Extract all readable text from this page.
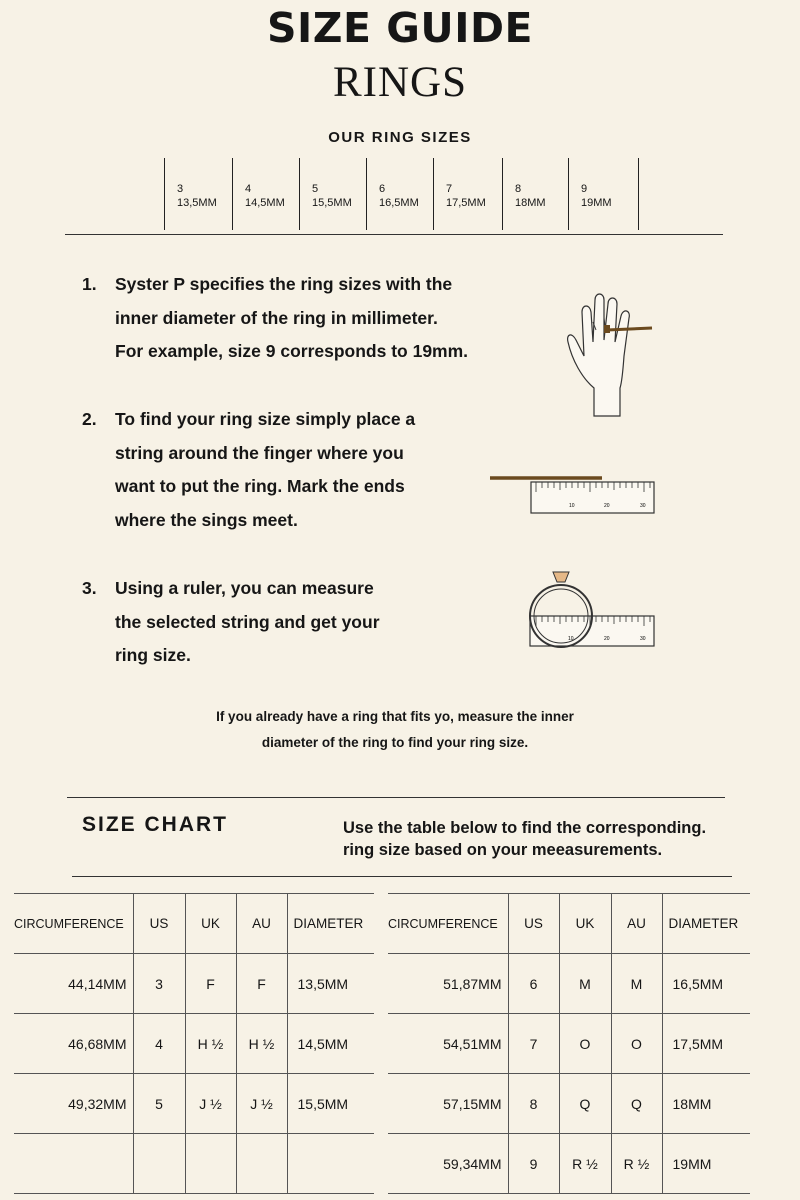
SIZE GUIDE
RINGS
OUR RING SIZES
3
13,5MM
4
14,5MM
5
15,5MM
6
16,5MM
7
17,5MM
8
18MM
9
19MM
1.	Syster P specifies the ring sizes with the
inner diameter of the ring in millimeter.
For example, size 9 corresponds to 19mm.
2.	To find your ring size simply place a
string around the finger where you
want to put the ring. Mark the ends
where the sings meet.
10	20	30
3.	Using a ruler, you can measure
the selected string and get your
ring size.
10	20	30
If you already have a ring that fits yo, measure the inner
diameter of the ring to find your ring size.
SIZE CHART	Use the table below to find the corresponding.
ring size based on your meeasurements.
CIRCUMFERENCE	US	UK	AU	DIAMETER
44,14MM	3	F	F	13,5MM
46,68MM	4	H ½	H ½	14,5MM
49,32MM	5	J ½	J ½	15,5MM

CIRCUMFERENCE	US	UK	AU	DIAMETER
51,87MM	6	M	M	16,5MM
54,51MM	7	O	O	17,5MM
57,15MM	8	Q	Q	18MM
59,34MM	9	R ½	R ½	19MM
